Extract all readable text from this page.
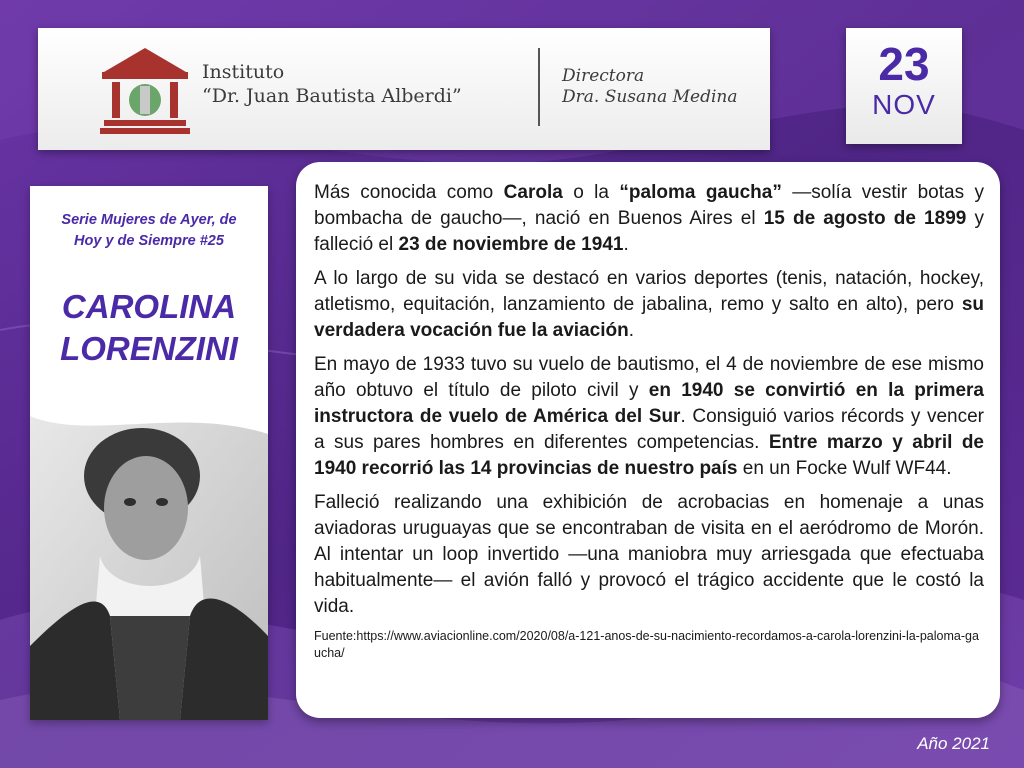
Instituto
“Dr. Juan Bautista Alberdi”
Directora
Dra. Susana Medina
23
NOV
Serie Mujeres de Ayer, de
Hoy y de Siempre #25
CAROLINA
LORENZINI

Más conocida como Carola o la “paloma gaucha” —solía vestir botas y bombacha de gaucho—, nació en Buenos Aires el 15 de agosto de 1899 y falleció el 23 de noviembre de 1941.

A lo largo de su vida se destacó en varios deportes (tenis, natación, hockey, atletismo, equitación, lanzamiento de jabalina, remo y salto en alto), pero su verdadera vocación fue la aviación.

En mayo de 1933 tuvo su vuelo de bautismo, el 4 de noviembre de ese mismo año obtuvo el título de piloto civil y en 1940 se convirtió en la primera instructora de vuelo de América del Sur. Consiguió varios récords y vencer a sus pares hombres en diferentes competencias. Entre marzo y abril de 1940 recorrió las 14 provincias de nuestro país en un Focke Wulf WF44.

Falleció realizando una exhibición de acrobacias en homenaje a unas aviadoras uruguayas que se encontraban de visita en el aeródromo de Morón. Al intentar un loop invertido —una maniobra muy arriesgada que efectuaba habitualmente— el avión falló y provocó el trágico accidente que le costó la vida.

Fuente:https://www.aviacionline.com/2020/08/a-121-anos-de-su-nacimiento-recordamos-a-carola-lorenzini-la-paloma-gaucha/
Año 2021
